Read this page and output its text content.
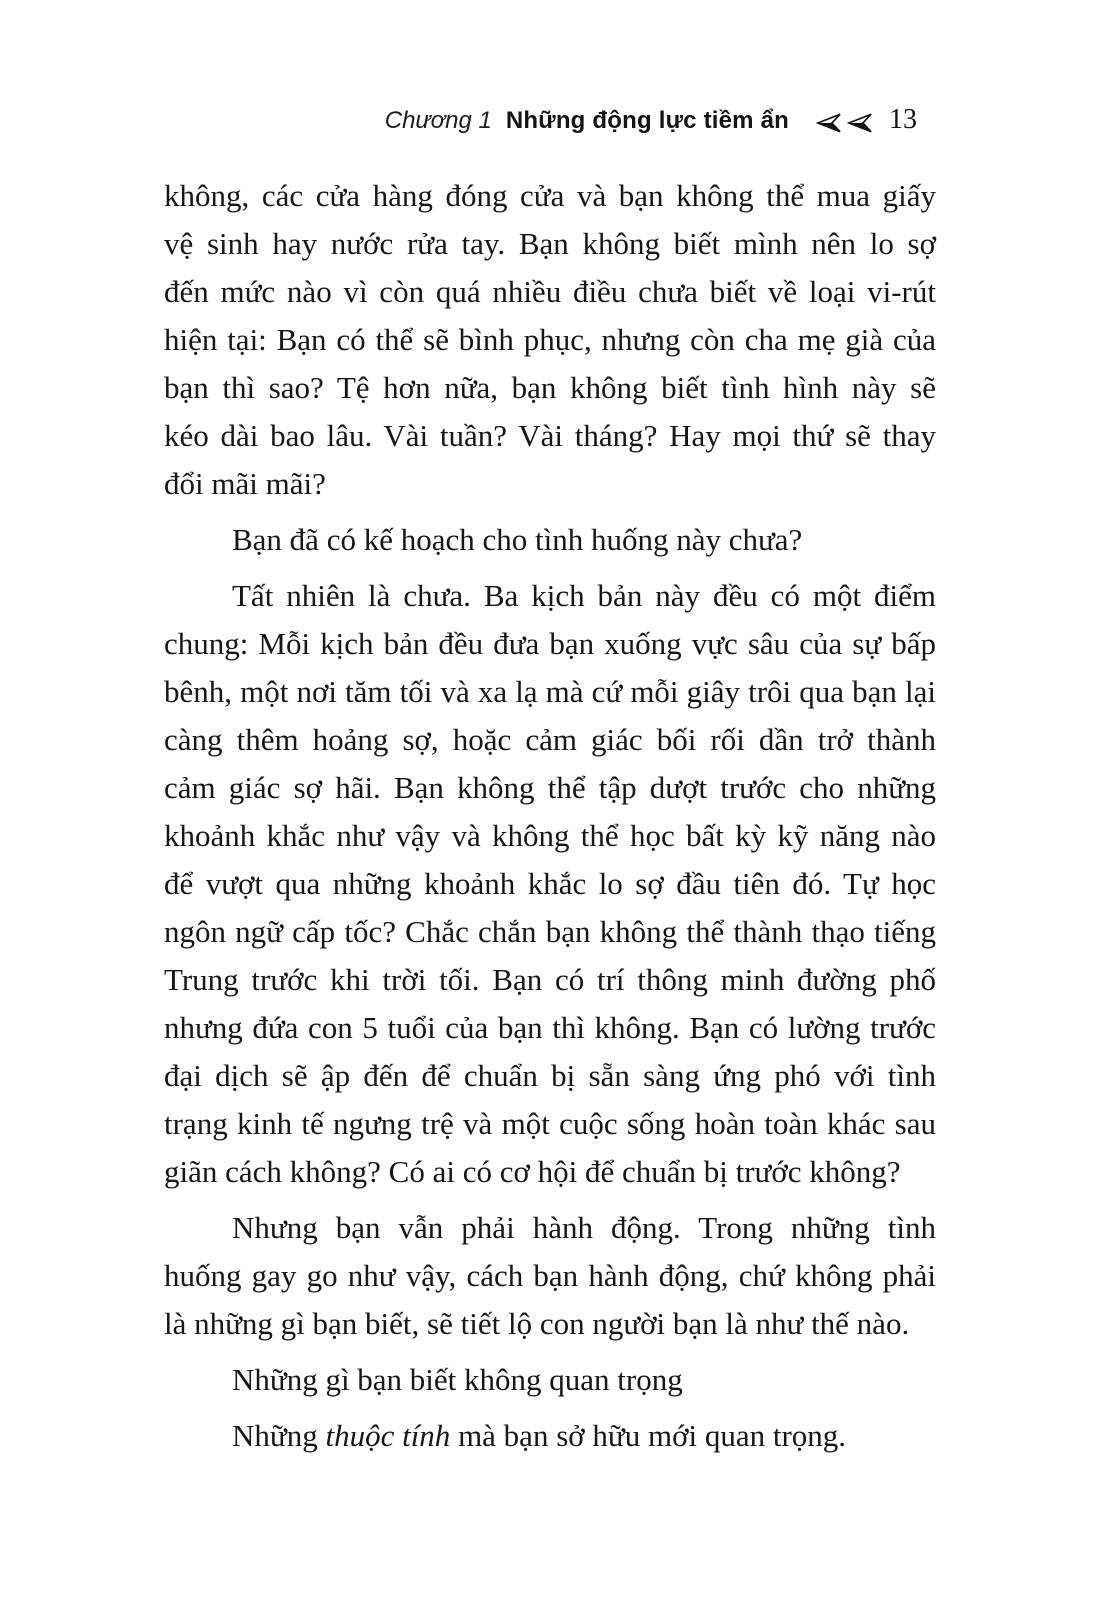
Chương 1 Những động lực tiềm ẩn	13
không, các cửa hàng đóng cửa và bạn không thể mua giấy
vệ sinh hay nước rửa tay. Bạn không biết mình nên lo sợ
đến mức nào vì còn quá nhiều điều chưa biết về loại vi-rút
hiện tại: Bạn có thể sẽ bình phục, nhưng còn cha mẹ già của
bạn thì sao? Tệ hơn nữa, bạn không biết tình hình này sẽ
kéo dài bao lâu. Vài tuần? Vài tháng? Hay mọi thứ sẽ thay
đổi mãi mãi?
Bạn đã có kế hoạch cho tình huống này chưa?
Tất nhiên là chưa. Ba kịch bản này đều có một điểm
chung: Mỗi kịch bản đều đưa bạn xuống vực sâu của sự bấp
bênh, một nơi tăm tối và xa lạ mà cứ mỗi giây trôi qua bạn lại
càng thêm hoảng sợ, hoặc cảm giác bối rối dần trở thành
cảm giác sợ hãi. Bạn không thể tập dượt trước cho những
khoảnh khắc như vậy và không thể học bất kỳ kỹ năng nào
để vượt qua những khoảnh khắc lo sợ đầu tiên đó. Tự học
ngôn ngữ cấp tốc? Chắc chắn bạn không thể thành thạo tiếng
Trung trước khi trời tối. Bạn có trí thông minh đường phố
nhưng đứa con 5 tuổi của bạn thì không. Bạn có lường trước
đại dịch sẽ ập đến để chuẩn bị sẵn sàng ứng phó với tình
trạng kinh tế ngưng trệ và một cuộc sống hoàn toàn khác sau
giãn cách không? Có ai có cơ hội để chuẩn bị trước không?
Nhưng bạn vẫn phải hành động. Trong những tình
huống gay go như vậy, cách bạn hành động, chứ không phải
là những gì bạn biết, sẽ tiết lộ con người bạn là như thế nào.
Những gì bạn biết không quan trọng
Những thuộc tính mà bạn sở hữu mới quan trọng.
